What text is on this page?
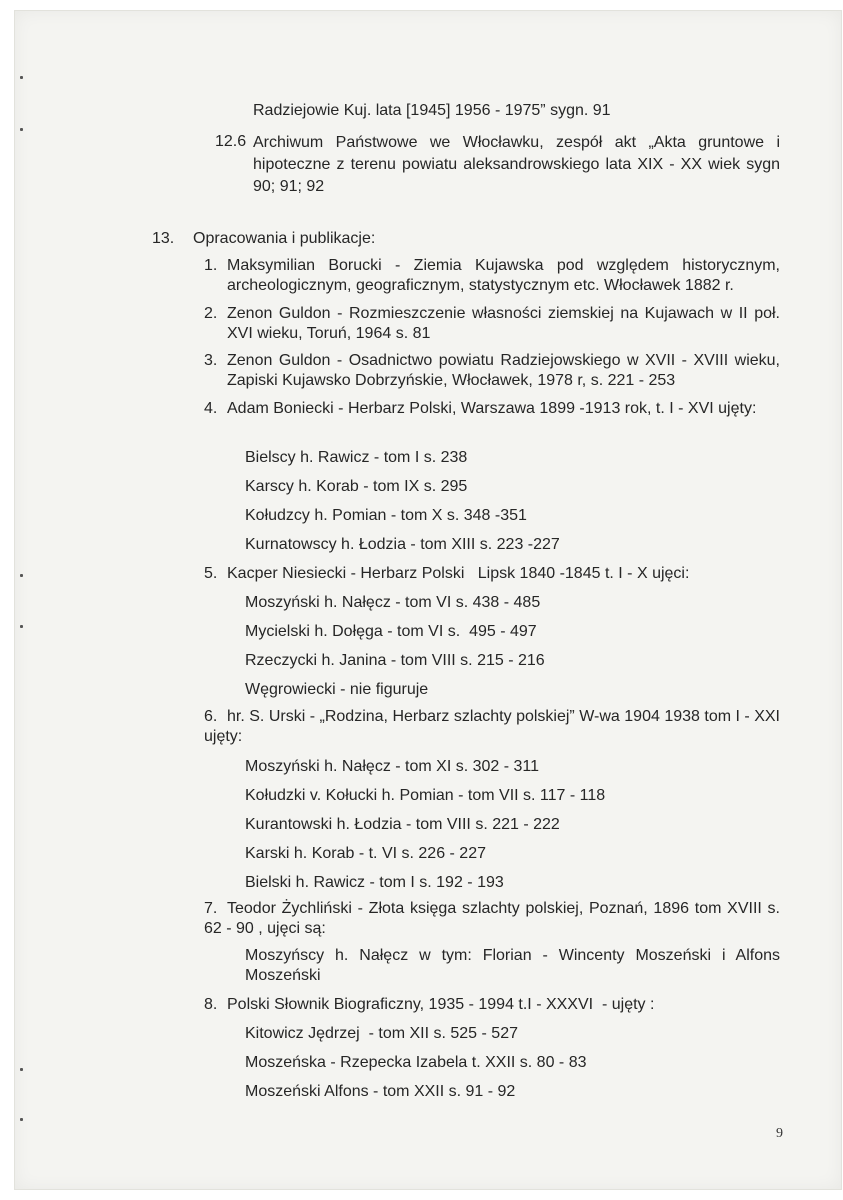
Radziejowie Kuj. lata [1945] 1956 - 1975” sygn. 91
12.6 Archiwum Państwowe we Włocławku, zespół akt „Akta gruntowe i hipoteczne z terenu powiatu aleksandrowskiego lata XIX - XX wiek sygn 90; 91; 92
13. Opracowania i publikacje:
1. Maksymilian Borucki - Ziemia Kujawska pod względem historycznym, archeologicznym, geograficznym, statystycznym etc. Włocławek 1882 r.
2. Zenon Guldon - Rozmieszczenie własności ziemskiej na Kujawach w II poł. XVI wieku, Toruń, 1964 s. 81
3. Zenon Guldon - Osadnictwo powiatu Radziejowskiego w XVII - XVIII wieku, Zapiski Kujawsko Dobrzyńskie, Włocławek, 1978 r, s. 221 - 253
4. Adam Boniecki - Herbarz Polski, Warszawa 1899 -1913 rok, t. I - XVI ujęty:
Bielscy h. Rawicz - tom I s. 238
Karscy h. Korab - tom IX s. 295
Kołudzcy h. Pomian - tom X s. 348 -351
Kurnatowscy h. Łodzia - tom XIII s. 223 -227
5. Kacper Niesiecki - Herbarz Polski   Lipsk 1840 -1845 t. I - X ujęci:
Moszyński h. Nałęcz - tom VI s. 438 - 485
Mycielski h. Dołęga - tom VI s.  495 - 497
Rzeczycki h. Janina - tom VIII s. 215 - 216
Węgrowiecki - nie figuruje
6. hr. S. Urski - „Rodzina, Herbarz szlachty polskiej” W-wa 1904 1938 tom I - XXI ujęty:
Moszyński h. Nałęcz - tom XI s. 302 - 311
Kołudzki v. Kołucki h. Pomian - tom VII s. 117 - 118
Kurantowski h. Łodzia - tom VIII s. 221 - 222
Karski h. Korab - t. VI s. 226 - 227
Bielski h. Rawicz - tom I s. 192 - 193
7. Teodor Żychliński - Złota księga szlachty polskiej, Poznań, 1896 tom XVIII s. 62 - 90 , ujęci są:
Moszyńscy h. Nałęcz w tym: Florian - Wincenty Moszeński i Alfons Moszeński
8. Polski Słownik Biograficzny, 1935 - 1994 t.I - XXXVI  - ujęty :
Kitowicz Jędrzej  - tom XII s. 525 - 527
Moszeńska - Rzepecka Izabela t. XXII s. 80 - 83
Moszeński Alfons - tom XXII s. 91 - 92
9
